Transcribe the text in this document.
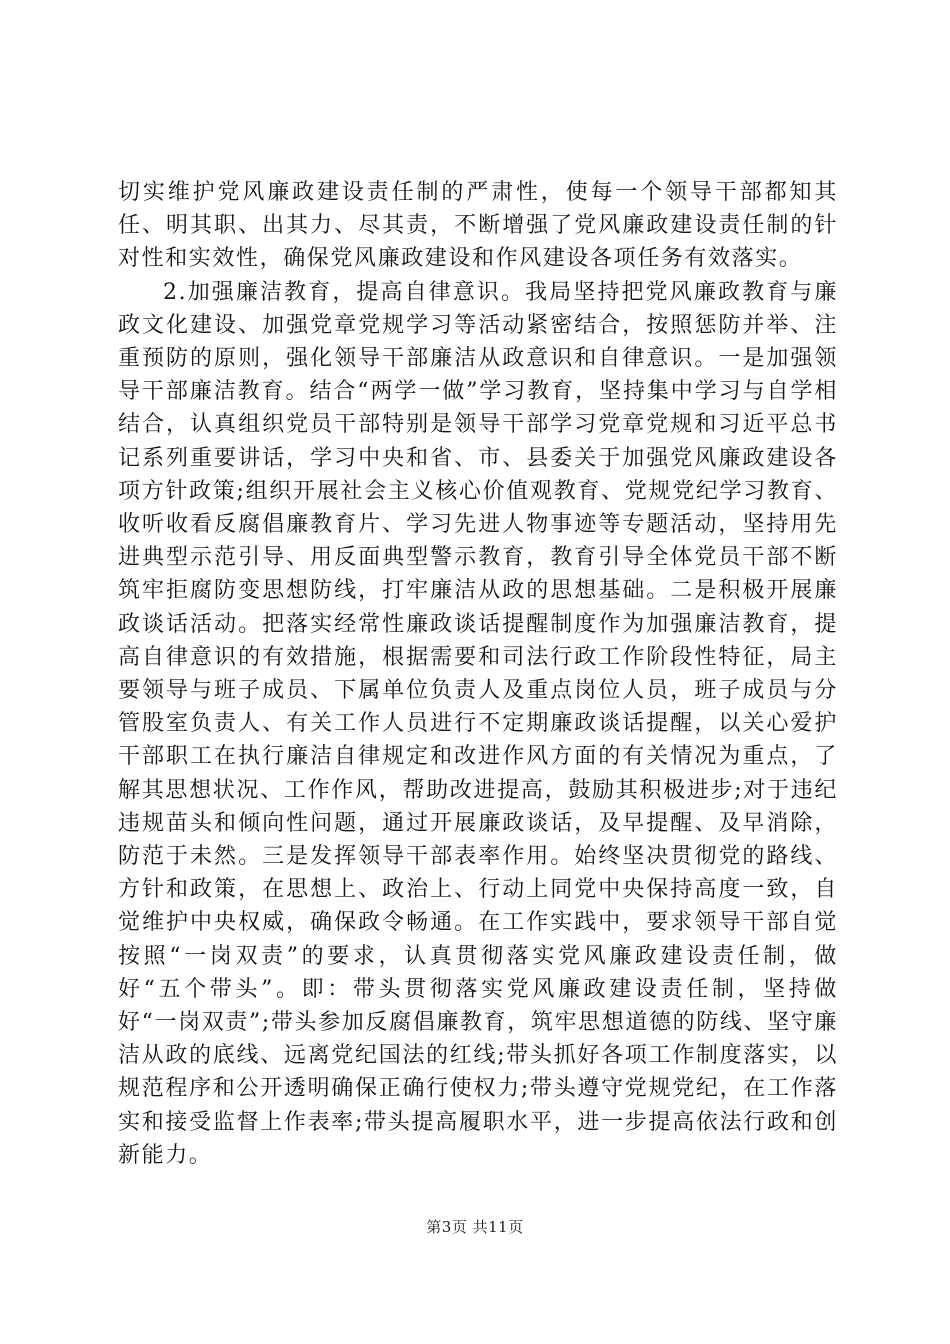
切实维护党风廉政建设责任制的严肃性，使每一个领导干部都知其任、明其职、出其力、尽其责，不断增强了党风廉政建设责任制的针对性和实效性，确保党风廉政建设和作风建设各项任务有效落实。

2.加强廉洁教育，提高自律意识。我局坚持把党风廉政教育与廉政文化建设、加强党章党规学习等活动紧密结合，按照惩防并举、注重预防的原则，强化领导干部廉洁从政意识和自律意识。一是加强领导干部廉洁教育。结合“两学一做”学习教育，坚持集中学习与自学相结合，认真组织党员干部特别是领导干部学习党章党规和习近平总书记系列重要讲话，学习中央和省、市、县委关于加强党风廉政建设各项方针政策;组织开展社会主义核心价值观教育、党规党纪学习教育、收听收看反腐倡廉教育片、学习先进人物事迹等专题活动，坚持用先进典型示范引导、用反面典型警示教育，教育引导全体党员干部不断筑牢拒腐防变思想防线，打牢廉洁从政的思想基础。二是积极开展廉政谈话活动。把落实经常性廉政谈话提醒制度作为加强廉洁教育，提高自律意识的有效措施，根据需要和司法行政工作阶段性特征，局主要领导与班子成员、下属单位负责人及重点岗位人员，班子成员与分管股室负责人、有关工作人员进行不定期廉政谈话提醒，以关心爱护干部职工在执行廉洁自律规定和改进作风方面的有关情况为重点，了解其思想状况、工作作风，帮助改进提高，鼓励其积极进步;对于违纪违规苗头和倾向性问题，通过开展廉政谈话，及早提醒、及早消除，防范于未然。三是发挥领导干部表率作用。始终坚决贯彻党的路线、方针和政策，在思想上、政治上、行动上同党中央保持高度一致，自觉维护中央权威，确保政令畅通。在工作实践中，要求领导干部自觉按照“一岗双责”的要求，认真贯彻落实党风廉政建设责任制，做好“五个带头”。即：带头贯彻落实党风廉政建设责任制，坚持做好“一岗双责”;带头参加反腐倡廉教育，筑牢思想道德的防线、坚守廉洁从政的底线、远离党纪国法的红线;带头抓好各项工作制度落实，以规范程序和公开透明确保正确行使权力;带头遵守党规党纪，在工作落实和接受监督上作表率;带头提高履职水平，进一步提高依法行政和创新能力。

第3页 共11页
